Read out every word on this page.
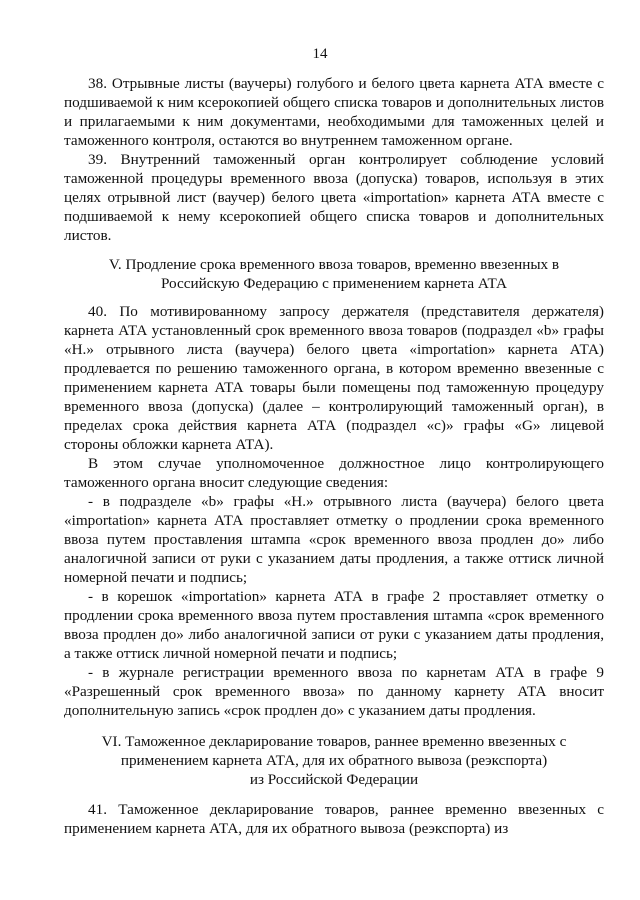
14

38. Отрывные листы (ваучеры) голубого и белого цвета карнета АТА вместе с подшиваемой к ним ксерокопией общего списка товаров и дополнительных листов и прилагаемыми к ним документами, необходимыми для таможенных целей и таможенного контроля, остаются во внутреннем таможенном органе.

39. Внутренний таможенный орган контролирует соблюдение условий таможенной процедуры временного ввоза (допуска) товаров, используя в этих целях отрывной лист (ваучер) белого цвета «importation» карнета АТА вместе с подшиваемой к нему ксерокопией общего списка товаров и дополнительных листов.

V. Продление срока временного ввоза товаров, временно ввезенных в
Российскую Федерацию с применением карнета АТА

40. По мотивированному запросу держателя (представителя держателя) карнета АТА установленный срок временного ввоза товаров (подраздел «b» графы «Н.» отрывного листа (ваучера) белого цвета «importation» карнета АТА) продлевается по решению таможенного органа, в котором временно ввезенные с применением карнета АТА товары были помещены под таможенную процедуру временного ввоза (допуска) (далее – контролирующий таможенный орган), в пределах срока действия карнета АТА (подраздел «с)» графы «G» лицевой стороны обложки карнета АТА).

В этом случае уполномоченное должностное лицо контролирующего таможенного органа вносит следующие сведения:

- в подразделе «b» графы «Н.» отрывного листа (ваучера) белого цвета «importation» карнета АТА проставляет отметку о продлении срока временного ввоза путем проставления штампа «срок временного ввоза продлен до» либо аналогичной записи от руки с указанием даты продления, а также оттиск личной номерной печати и подпись;

- в корешок «importation» карнета АТА в графе 2 проставляет отметку о продлении срока временного ввоза путем проставления штампа «срок временного ввоза продлен до» либо аналогичной записи от руки с указанием даты продления, а также оттиск личной номерной печати и подпись;

- в журнале регистрации временного ввоза по карнетам АТА в графе 9 «Разрешенный срок временного ввоза» по данному карнету АТА вносит дополнительную запись «срок продлен до» с указанием даты продления.

VI. Таможенное декларирование товаров, раннее временно ввезенных с
применением карнета АТА, для их обратного вывоза (реэкспорта)
из Российской Федерации

41. Таможенное декларирование товаров, раннее временно ввезенных с применением карнета АТА, для их обратного вывоза (реэкспорта) из
